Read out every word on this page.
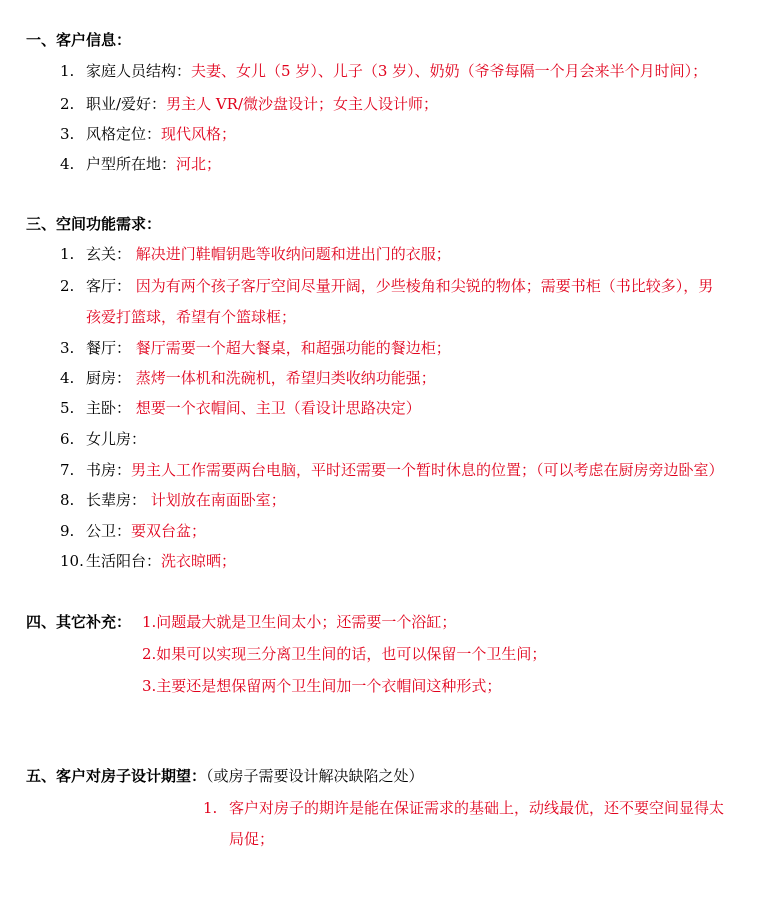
一、客户信息：
1. 家庭人员结构：夫妻、女儿（5 岁）、儿子（3 岁）、奶奶（爷爷每隔一个月会来半个月时间）；
2. 职业/爱好：男主人 VR/微沙盘设计；女主人设计师；
3. 风格定位：现代风格；
4. 户型所在地：河北；
三、空间功能需求：
1. 玄关： 解决进门鞋帽钥匙等收纳问题和进出门的衣服；
2. 客厅： 因为有两个孩子客厅空间尽量开阔，少些棱角和尖锐的物体；需要书柜（书比较多），男
孩爱打篮球，希望有个篮球框；
3. 餐厅： 餐厅需要一个超大餐桌，和超强功能的餐边柜；
4. 厨房： 蒸烤一体机和洗碗机，希望归类收纳功能强；
5. 主卧： 想要一个衣帽间、主卫（看设计思路决定）
6. 女儿房：
7. 书房：男主人工作需要两台电脑，平时还需要一个暂时休息的位置；（可以考虑在厨房旁边卧室）
8. 长辈房： 计划放在南面卧室；
9. 公卫：要双台盆；
10. 生活阳台：洗衣晾晒；
四、其它补充： 1.问题最大就是卫生间太小；还需要一个浴缸；
2.如果可以实现三分离卫生间的话，也可以保留一个卫生间；
3.主要还是想保留两个卫生间加一个衣帽间这种形式；
五、客户对房子设计期望：（或房子需要设计解决缺陷之处）
1. 客户对房子的期许是能在保证需求的基础上，动线最优，还不要空间显得太
局促；
